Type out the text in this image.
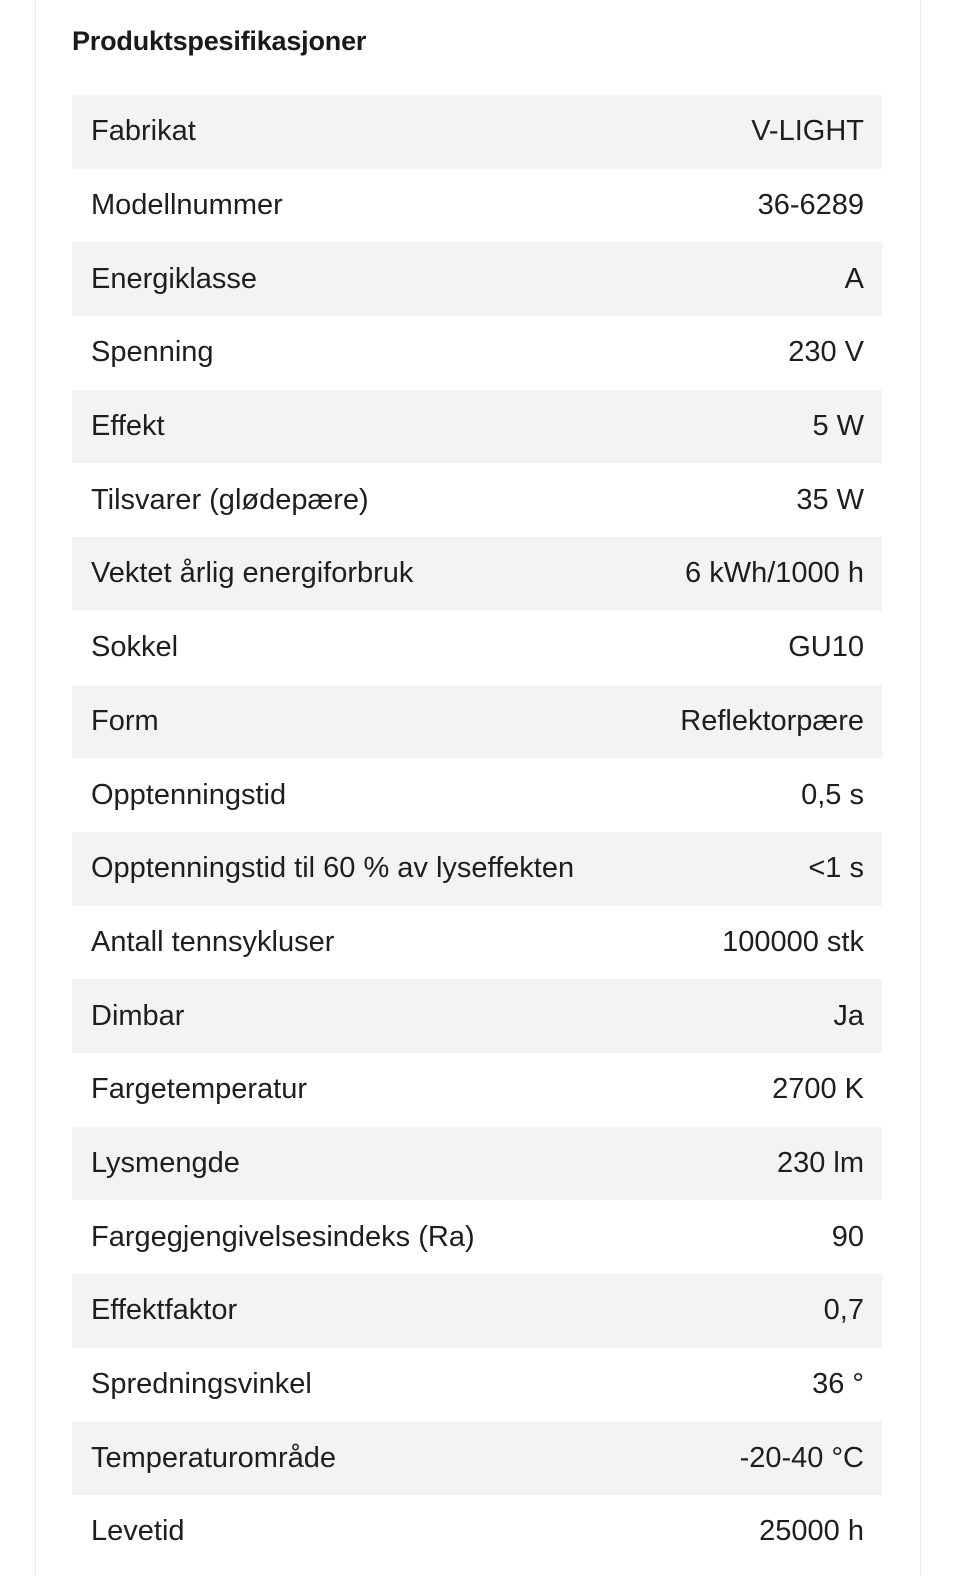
Produktspesifikasjoner
Fabrikat	V-LIGHT
Modellnummer	36-6289
Energiklasse	A
Spenning	230 V
Effekt	5 W
Tilsvarer (glødepære)	35 W
Vektet årlig energiforbruk	6 kWh/1000 h
Sokkel	GU10
Form	Reflektorpære
Opptenningstid	0,5 s
Opptenningstid til 60 % av lyseffekten	<1 s
Antall tennsykluser	100000 stk
Dimbar	Ja
Fargetemperatur	2700 K
Lysmengde	230 lm
Fargegjengivelsesindeks (Ra)	90
Effektfaktor	0,7
Spredningsvinkel	36 °
Temperaturområde	-20-40 °C
Levetid	25000 h
